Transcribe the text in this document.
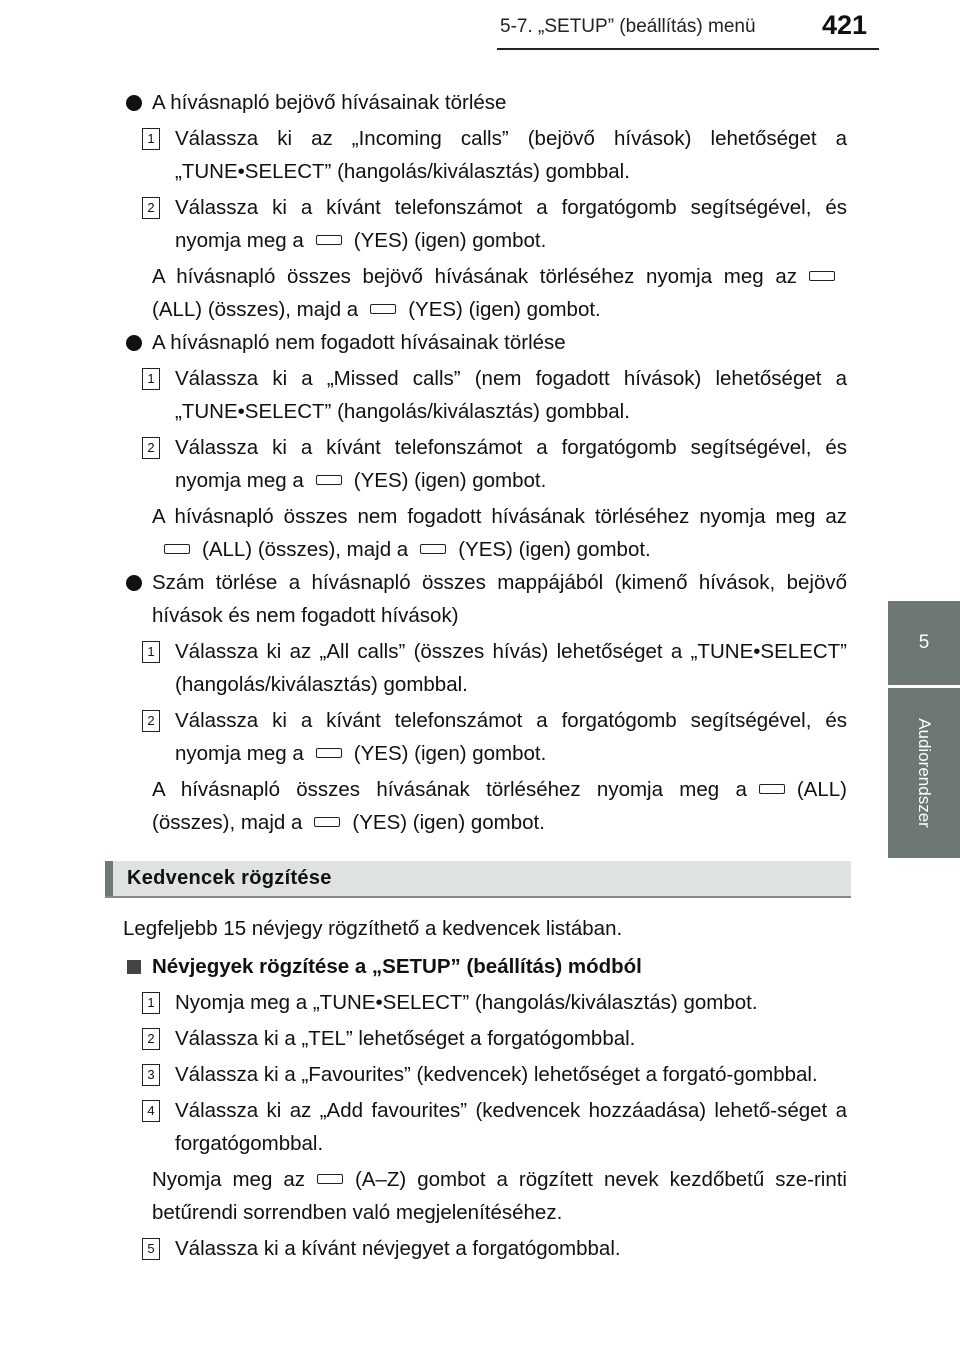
5-7. „SETUP” (beállítás) menü 421
5
Audiorendszer
A hívásnapló bejövő hívásainak törlése
1 Válassza ki az „Incoming calls” (bejövő hívások) lehetőséget a „TUNE•SELECT” (hangolás/kiválasztás) gombbal.
2 Válassza ki a kívánt telefonszámot a forgatógomb segítségével, és nyomja meg a (YES) (igen) gombot.
A hívásnapló összes bejövő hívásának törléséhez nyomja meg az(ALL) (összes), majd a (YES) (igen) gombot.
A hívásnapló nem fogadott hívásainak törlése
1 Válassza ki a „Missed calls” (nem fogadott hívások) lehetőséget a „TUNE•SELECT” (hangolás/kiválasztás) gombbal.
2 Válassza ki a kívánt telefonszámot a forgatógomb segítségével, és nyomja meg a (YES) (igen) gombot.
A hívásnapló összes nem fogadott hívásának törléséhez nyomja meg az(ALL) (összes), majd a (YES) (igen) gombot.
Szám törlése a hívásnapló összes mappájából (kimenő hívások, bejövő hívások és nem fogadott hívások)
1 Válassza ki az „All calls” (összes hívás) lehetőséget a „TUNE•SELECT” (hangolás/kiválasztás) gombbal.
2 Válassza ki a kívánt telefonszámot a forgatógomb segítségével, és nyomja meg a (YES) (igen) gombot.
A hívásnapló összes hívásának törléséhez nyomja meg a (ALL) (összes), majd a (YES) (igen) gombot.
Kedvencek rögzítése
Legfeljebb 15 névjegy rögzíthető a kedvencek listában.
Névjegyek rögzítése a „SETUP” (beállítás) módból
1 Nyomja meg a „TUNE•SELECT” (hangolás/kiválasztás) gombot.
2 Válassza ki a „TEL” lehetőséget a forgatógombbal.
3 Válassza ki a „Favourites” (kedvencek) lehetőséget a forgató-gombbal.
4 Válassza ki az „Add favourites” (kedvencek hozzáadása) lehető-séget a forgatógombbal.
Nyomja meg az (A–Z) gombot a rögzített nevek kezdőbetű sze-rinti betűrendi sorrendben való megjelenítéséhez.
5 Válassza ki a kívánt névjegyet a forgatógombbal.
